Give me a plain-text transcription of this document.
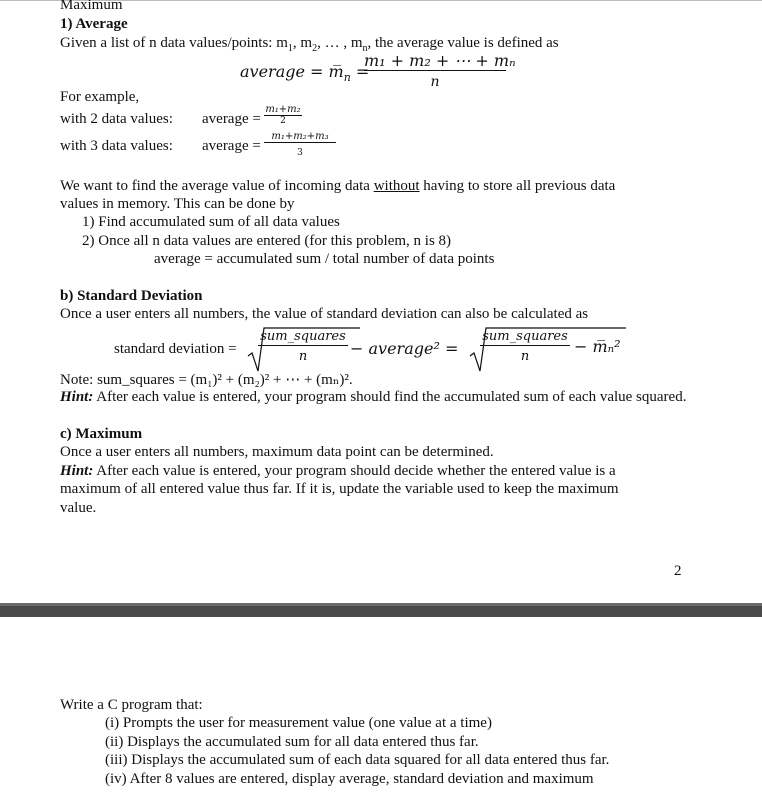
Maximum
1) Average
Given a list of n data values/points: $m_1$, $m_2$, … , $m_n$, the average value is defined as
average = $m̅_n$ =
m₁ + m₂ + ⋯ + mₙ
n
For example,
with 2 data values: average =
m₁+m₂
2
with 3 data values: average =
m₁+m₂+m₃
3
We want to find the average value of incoming data without having to store all previous data
values in memory. This can be done by
1) Find accumulated sum of all data values
2) Once all n data values are entered (for this problem, n is 8)
average = accumulated sum / total number of data points
b) Standard Deviation
Once a user enters all numbers, the value of standard deviation can also be calculated as
standard deviation =
sum_squares
n	− average² =
sum_squares
n
− m̅ₙ²
Note: sum_squares = (m₁)² + (m₂)² + ⋯ + (mₙ)².
Hint: After each value is entered, your program should find the accumulated sum of each value squared.
c) Maximum
Once a user enters all numbers, maximum data point can be determined.
Hint: After each value is entered, your program should decide whether the entered value is a
maximum of all entered value thus far. If it is, update the variable used to keep the maximum
value.
2
Write a C program that:
(i) Prompts the user for measurement value (one value at a time)
(ii) Displays the accumulated sum for all data entered thus far.
(iii) Displays the accumulated sum of each data squared for all data entered thus far.
(iv) After 8 values are entered, display average, standard deviation and maximum
